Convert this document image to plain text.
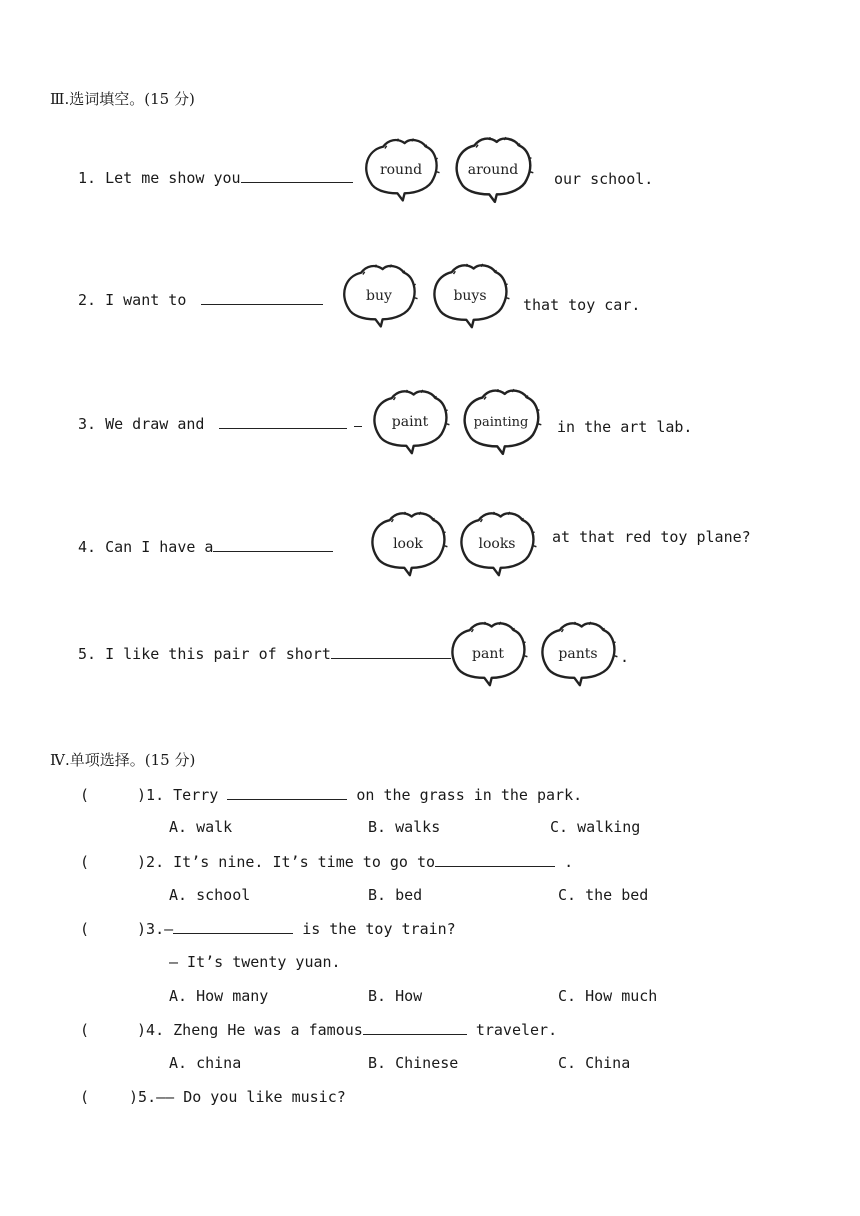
Ⅲ.选词填空。(15 分)
1. Let me show you	round	around	our school.
2. I want to	buy	buys	that toy car.
3. We draw and	paint	painting	in the art lab.
4. Can I have a	look	looks	at that red toy plane?
5. I like this pair of short	pant	pants	.
Ⅳ.单项选择。(15 分)
(	)1. Terry	on the grass in the park.
A. walk	B. walks	C. walking
(	)2. It’s nine. It’s time to go to	.
A. school	B. bed	C. the bed
(	)3.—	is the toy train?
— It’s twenty yuan.
A. How many	B. How	C. How much
(	)4. Zheng He was a famous	traveler.
A. china	B. Chinese	C. China
(	)5.—— Do you like music?
